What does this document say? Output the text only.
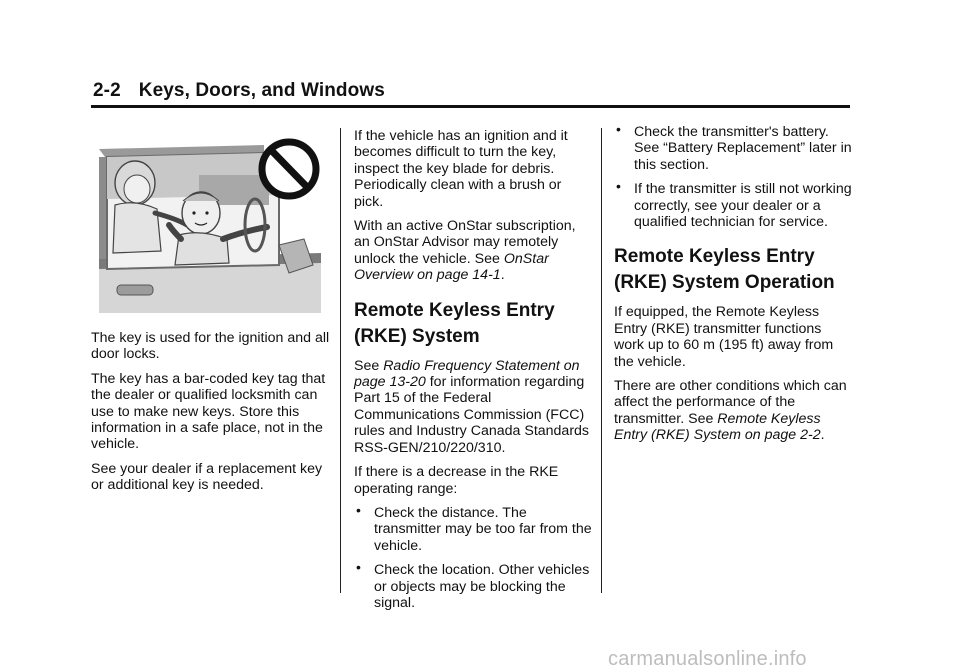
2-2 Keys, Doors, and Windows

The key is used for the ignition and all door locks.

The key has a bar-coded key tag that the dealer or qualified locksmith can use to make new keys. Store this information in a safe place, not in the vehicle.

See your dealer if a replacement key or additional key is needed.

If the vehicle has an ignition and it becomes difficult to turn the key, inspect the key blade for debris. Periodically clean with a brush or pick.

With an active OnStar subscription, an OnStar Advisor may remotely unlock the vehicle. See OnStar Overview on page 14-1.

Remote Keyless Entry (RKE) System

See Radio Frequency Statement on page 13-20 for information regarding Part 15 of the Federal Communications Commission (FCC) rules and Industry Canada Standards RSS-GEN/210/220/310.

If there is a decrease in the RKE operating range:

• Check the distance. The transmitter may be too far from the vehicle.
• Check the location. Other vehicles or objects may be blocking the signal.
• Check the transmitter's battery. See “Battery Replacement” later in this section.
• If the transmitter is still not working correctly, see your dealer or a qualified technician for service.
Remote Keyless Entry (RKE) System Operation

If equipped, the Remote Keyless Entry (RKE) transmitter functions work up to 60 m (195 ft) away from the vehicle.

There are other conditions which can affect the performance of the transmitter. See Remote Keyless Entry (RKE) System on page 2-2.

carmanualsonline.info
